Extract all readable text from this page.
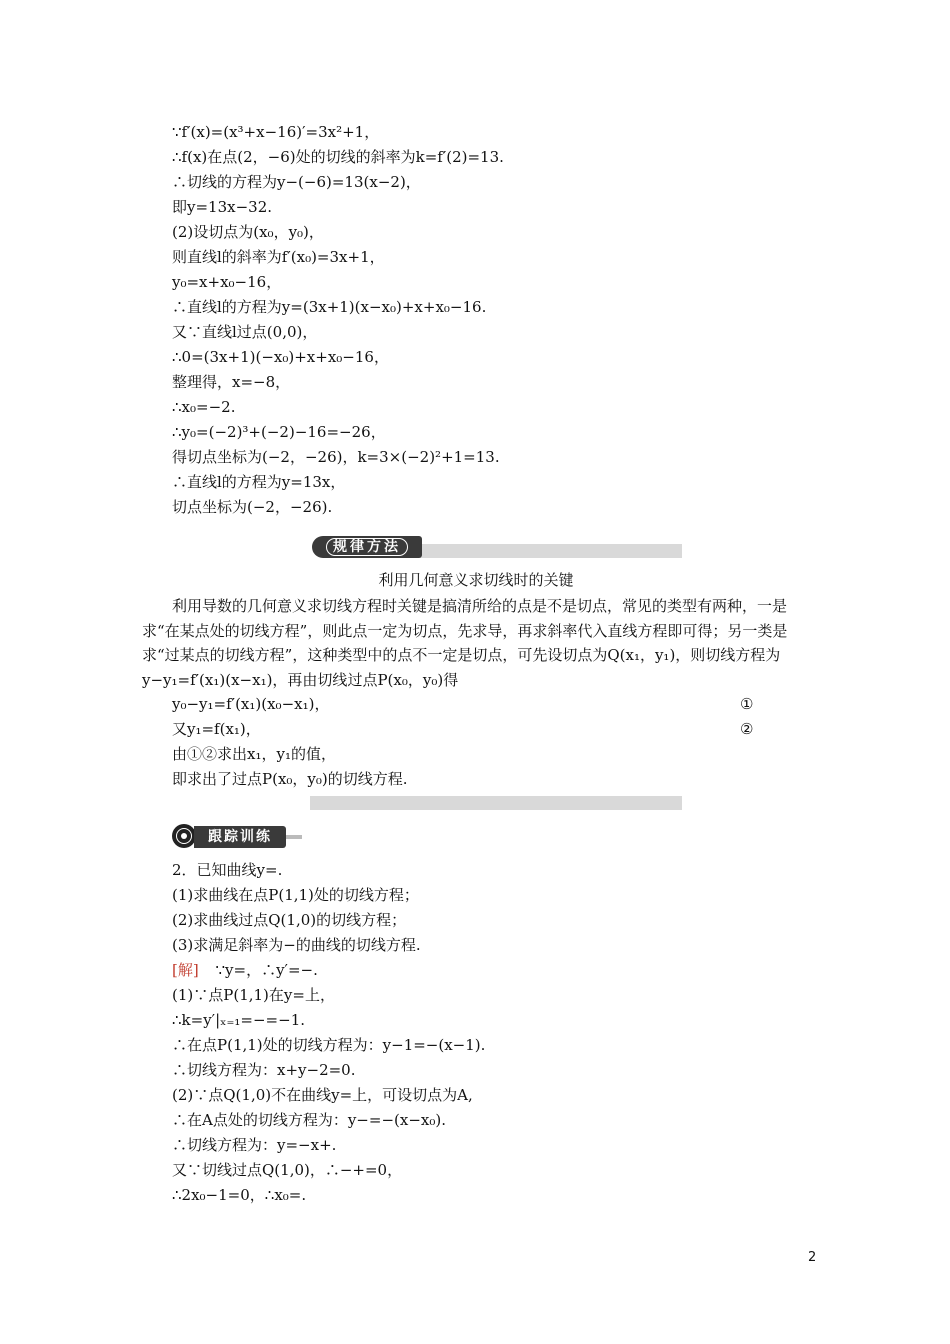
∵f′(x)=(x³+x−16)′=3x²+1，
∴f(x)在点(2，−6)处的切线的斜率为k=f′(2)=13.
∴切线的方程为y−(−6)=13(x−2)，
即y=13x−32.
(2)设切点为(x₀，y₀)，
则直线l的斜率为f′(x₀)=3x+1，
y₀=x+x₀−16，
∴直线l的方程为y=(3x+1)(x−x₀)+x+x₀−16.
又∵直线l过点(0,0)，
∴0=(3x+1)(−x₀)+x+x₀−16，
整理得，x=−8，
∴x₀=−2.
∴y₀=(−2)³+(−2)−16=−26，
得切点坐标为(−2，−26)，k=3×(−2)²+1=13.
∴直线l的方程为y=13x，
切点坐标为(−2，−26).
规律方法
利用几何意义求切线时的关键
利用导数的几何意义求切线方程时关键是搞清所给的点是不是切点，常见的类型有两种，一是求“在某点处的切线方程”，则此点一定为切点，先求导，再求斜率代入直线方程即可得；另一类是求“过某点的切线方程”，这种类型中的点不一定是切点，可先设切点为Q(x₁，y₁)，则切线方程为y−y₁=f′(x₁)(x−x₁)，再由切线过点P(x₀，y₀)得
y₀−y₁=f′(x₁)(x₀−x₁)，	①
又y₁=f(x₁)，	②
由①②求出x₁，y₁的值，
即求出了过点P(x₀，y₀)的切线方程.
跟踪训练
2．已知曲线y=.
(1)求曲线在点P(1,1)处的切线方程；
(2)求曲线过点Q(1,0)的切线方程；
(3)求满足斜率为−的曲线的切线方程.
[解] ∵y=，∴y′=−.
(1)∵点P(1,1)在y=上，
∴k=y′|ₓ₌₁=−=−1.
∴在点P(1,1)处的切线方程为：y−1=−(x−1).
∴切线方程为：x+y−2=0.
(2)∵点Q(1,0)不在曲线y=上，可设切点为A,
∴在A点处的切线方程为：y−=−(x−x₀).
∴切线方程为：y=−x+.
又∵切线过点Q(1,0)，∴−+=0，
∴2x₀−1=0，∴x₀=.
2
